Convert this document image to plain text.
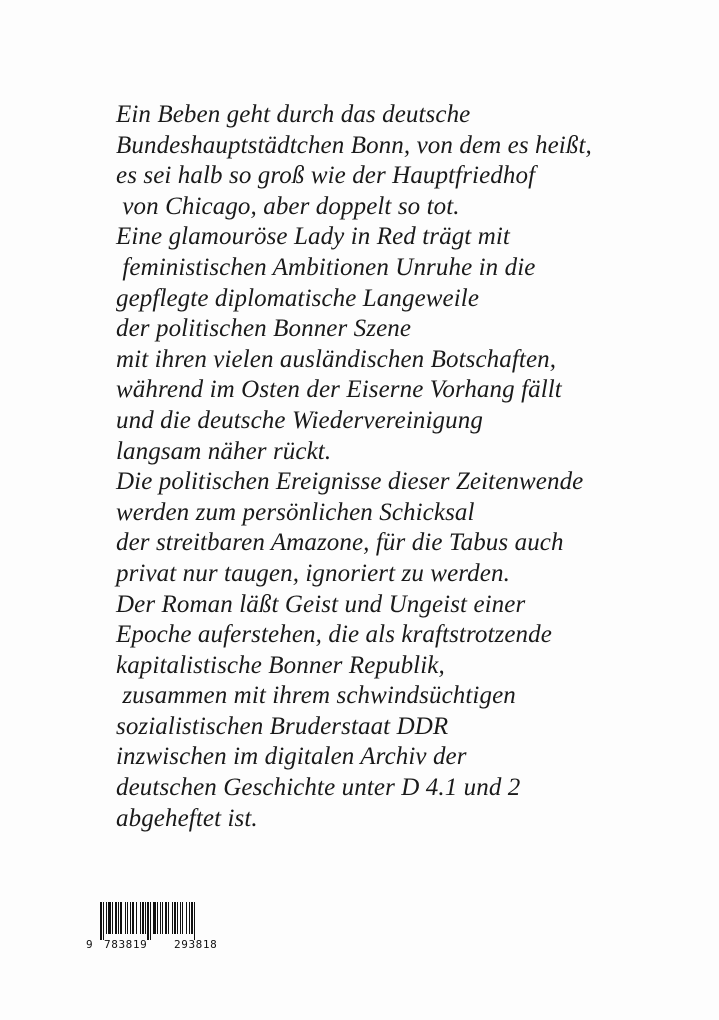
Ein Beben geht durch das deutsche
Bundeshauptstädtchen Bonn, von dem es heißt,
es sei halb so groß wie der Hauptfriedhof
von Chicago, aber doppelt so tot.
Eine glamouröse Lady in Red trägt mit
feministischen Ambitionen Unruhe in die
gepflegte diplomatische Langeweile
der politischen Bonner Szene
mit ihren vielen ausländischen Botschaften,
während im Osten der Eiserne Vorhang fällt
und die deutsche Wiedervereinigung
langsam näher rückt.
Die politischen Ereignisse dieser Zeitenwende
werden zum persönlichen Schicksal
der streitbaren Amazone, für die Tabus auch
privat nur taugen, ignoriert zu werden.
Der Roman läßt Geist und Ungeist einer
Epoche auferstehen, die als kraftstrotzende
kapitalistische Bonner Republik,
zusammen mit ihrem schwindsüchtigen
sozialistischen Bruderstaat DDR
inzwischen im digitalen Archiv der
deutschen Geschichte unter D 4.1 und 2
abgeheftet ist.
9 783819 293818
